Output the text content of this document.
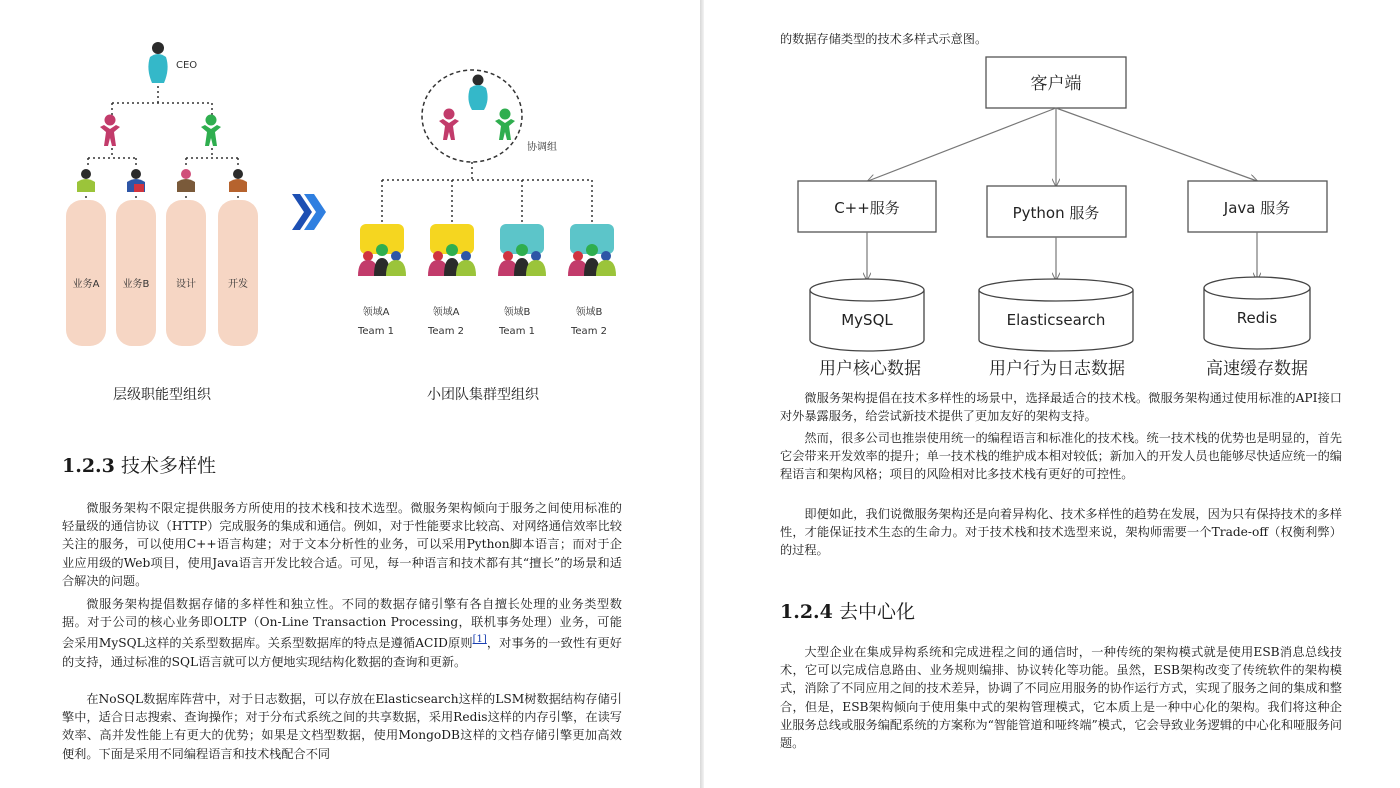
CEO
业务A 业务B	设计	开发
协调组
领域A
Team 1
领域A
Team 2
领域B
Team 1
领域B
Team 2
层级职能型组织	小团队集群型组织
1.2.3 技术多样性

微服务架构不限定提供服务方所使用的技术栈和技术选型。微服务架构倾向于服务之间使用标准的轻量级的通信协议（HTTP）完成服务的集成和通信。例如，对于性能要求比较高、对网络通信效率比较关注的服务，可以使用C++语言构建；对于文本分析性的业务，可以采用Python脚本语言；而对于企业应用级的Web项目，使用Java语言开发比较合适。可见，每一种语言和技术都有其“擅长”的场景和适合解决的问题。

微服务架构提倡数据存储的多样性和独立性。不同的数据存储引擎有各自擅长处理的业务类型数据。对于公司的核心业务即OLTP（On-Line Transaction Processing，联机事务处理）业务，可能会采用MySQL这样的关系型数据库。关系型数据库的特点是遵循ACID原则[1]，对事务的一致性有更好的支持，通过标准的SQL语言就可以方便地实现结构化数据的查询和更新。

在NoSQL数据库阵营中，对于日志数据，可以存放在Elasticsearch这样的LSM树数据结构存储引擎中，适合日志搜索、查询操作；对于分布式系统之间的共享数据，采用Redis这样的内存引擎，在读写效率、高并发性能上有更大的优势；如果是文档型数据，使用MongoDB这样的文档存储引擎更加高效便利。下面是采用不同编程语言和技术栈配合不同

的数据存储类型的技术多样式示意图。

客户端
C++服务	Python 服务	Java 服务
MySQL	Elasticsearch	Redis
用户核心数据	用户行为日志数据	高速缓存数据

微服务架构提倡在技术多样性的场景中，选择最适合的技术栈。微服务架构通过使用标准的API接口对外暴露服务，给尝试新技术提供了更加友好的架构支持。

然而，很多公司也推崇使用统一的编程语言和标准化的技术栈。统一技术栈的优势也是明显的，首先它会带来开发效率的提升；单一技术栈的维护成本相对较低；新加入的开发人员也能够尽快适应统一的编程语言和架构风格；项目的风险相对比多技术栈有更好的可控性。

即便如此，我们说微服务架构还是向着异构化、技术多样性的趋势在发展，因为只有保持技术的多样性，才能保证技术生态的生命力。对于技术栈和技术选型来说，架构师需要一个Trade-off（权衡利弊）的过程。

1.2.4 去中心化

大型企业在集成异构系统和完成进程之间的通信时，一种传统的架构模式就是使用ESB消息总线技术，它可以完成信息路由、业务规则编排、协议转化等功能。虽然，ESB架构改变了传统软件的架构模式，消除了不同应用之间的技术差异，协调了不同应用服务的协作运行方式，实现了服务之间的集成和整合，但是，ESB架构倾向于使用集中式的架构管理模式，它本质上是一种中心化的架构。我们将这种企业服务总线或服务编配系统的方案称为“智能管道和哑终端”模式，它会导致业务逻辑的中心化和哑服务问题。
